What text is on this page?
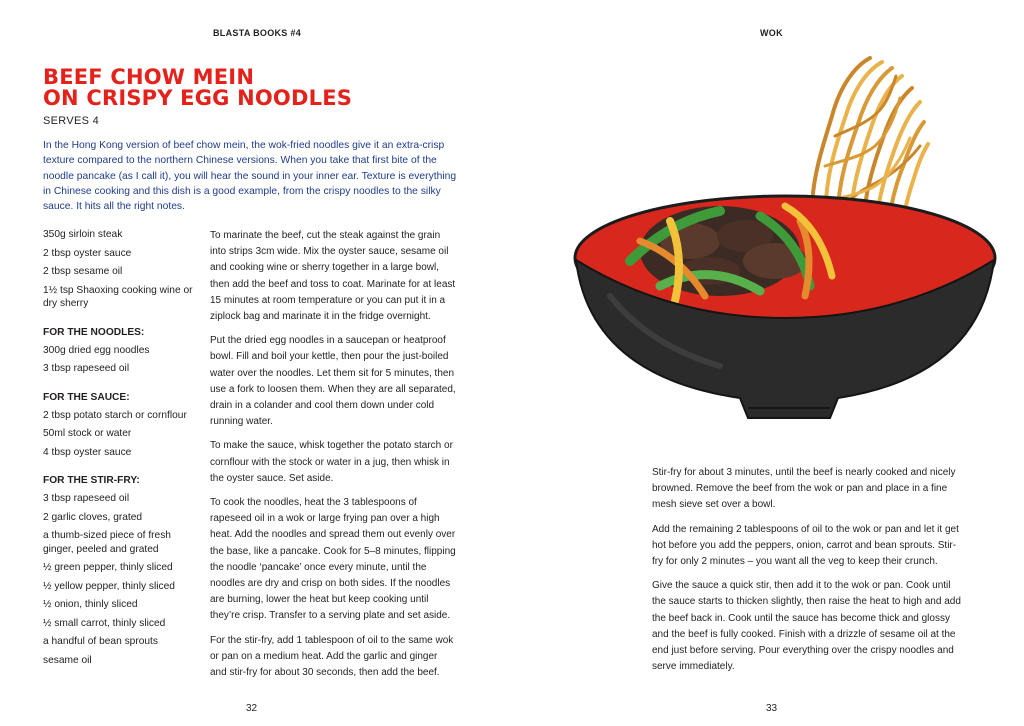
BLASTA BOOKS #4
BEEF CHOW MEIN
ON CRISPY EGG NOODLES
SERVES 4

In the Hong Kong version of beef chow mein, the wok-fried noodles give it an extra-crisp texture compared to the northern Chinese versions. When you take that first bite of the noodle pancake (as I call it), you will hear the sound in your inner ear. Texture is everything in Chinese cooking and this dish is a good example, from the crispy noodles to the silky sauce. It hits all the right notes.

350g sirloin steak
2 tbsp oyster sauce
2 tbsp sesame oil
1½ tsp Shaoxing cooking wine or dry sherry
FOR THE NOODLES:
300g dried egg noodles
3 tbsp rapeseed oil
FOR THE SAUCE:
2 tbsp potato starch or cornflour
50ml stock or water
4 tbsp oyster sauce
FOR THE STIR-FRY:
3 tbsp rapeseed oil
2 garlic cloves, grated
a thumb-sized piece of fresh ginger, peeled and grated
½ green pepper, thinly sliced
½ yellow pepper, thinly sliced
½ onion, thinly sliced
½ small carrot, thinly sliced
a handful of bean sprouts
sesame oil

To marinate the beef, cut the steak against the grain into strips 3cm wide. Mix the oyster sauce, sesame oil and cooking wine or sherry together in a large bowl, then add the beef and toss to coat. Marinate for at least 15 minutes at room temperature or you can put it in a ziplock bag and marinate it in the fridge overnight.

Put the dried egg noodles in a saucepan or heatproof bowl. Fill and boil your kettle, then pour the just-boiled water over the noodles. Let them sit for 5 minutes, then use a fork to loosen them. When they are all separated, drain in a colander and cool them down under cold running water.

To make the sauce, whisk together the potato starch or cornflour with the stock or water in a jug, then whisk in the oyster sauce. Set aside.

To cook the noodles, heat the 3 tablespoons of rapeseed oil in a wok or large frying pan over a high heat. Add the noodles and spread them out evenly over the base, like a pancake. Cook for 5–8 minutes, flipping the noodle ‘pancake’ once every minute, until the noodles are dry and crisp on both sides. If the noodles are burning, lower the heat but keep cooking until they’re crisp. Transfer to a serving plate and set aside.

For the stir-fry, add 1 tablespoon of oil to the same wok or pan on a medium heat. Add the garlic and ginger and stir-fry for about 30 seconds, then add the beef.

32
WOK
33

Stir-fry for about 3 minutes, until the beef is nearly cooked and nicely browned. Remove the beef from the wok or pan and place in a fine mesh sieve set over a bowl.

Add the remaining 2 tablespoons of oil to the wok or pan and let it get hot before you add the peppers, onion, carrot and bean sprouts. Stir-fry for only 2 minutes – you want all the veg to keep their crunch.

Give the sauce a quick stir, then add it to the wok or pan. Cook until the sauce starts to thicken slightly, then raise the heat to high and add the beef back in. Cook until the sauce has become thick and glossy and the beef is fully cooked. Finish with a drizzle of sesame oil at the end just before serving. Pour everything over the crispy noodles and serve immediately.
